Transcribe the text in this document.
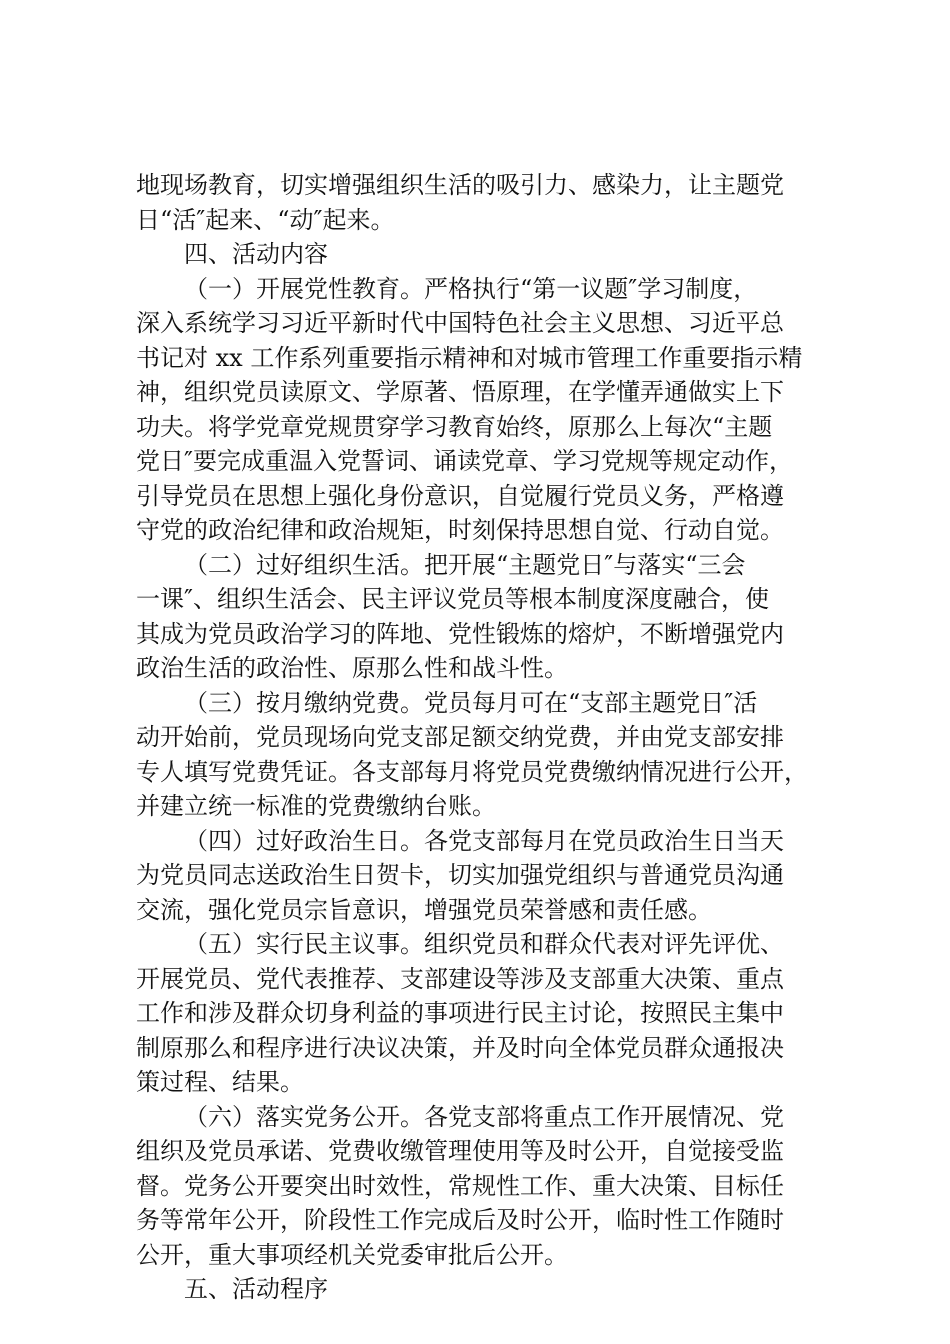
地现场教育，切实增强组织生活的吸引力、感染力，让主题党
日“活″起来、“动″起来。
四、活动内容
（一）开展党性教育。严格执行“第一议题″学习制度，
深入系统学习习近平新时代中国特色社会主义思想、习近平总
书记对 xx 工作系列重要指示精神和对城市管理工作重要指示精
神，组织党员读原文、学原著、悟原理，在学懂弄通做实上下
功夫。将学党章党规贯穿学习教育始终，原那么上每次“主题
党日″要完成重温入党誓词、诵读党章、学习党规等规定动作，
引导党员在思想上强化身份意识，自觉履行党员义务，严格遵
守党的政治纪律和政治规矩，时刻保持思想自觉、行动自觉。
（二）过好组织生活。把开展“主题党日″与落实“三会
一课″、组织生活会、民主评议党员等根本制度深度融合，使
其成为党员政治学习的阵地、党性锻炼的熔炉，不断增强党内
政治生活的政治性、原那么性和战斗性。
（三）按月缴纳党费。党员每月可在“支部主题党日″活
动开始前，党员现场向党支部足额交纳党费，并由党支部安排
专人填写党费凭证。各支部每月将党员党费缴纳情况进行公开，
并建立统一标准的党费缴纳台账。
（四）过好政治生日。各党支部每月在党员政治生日当天
为党员同志送政治生日贺卡，切实加强党组织与普通党员沟通
交流，强化党员宗旨意识，增强党员荣誉感和责任感。
（五）实行民主议事。组织党员和群众代表对评先评优、
开展党员、党代表推荐、支部建设等涉及支部重大决策、重点
工作和涉及群众切身利益的事项进行民主讨论，按照民主集中
制原那么和程序进行决议决策，并及时向全体党员群众通报决
策过程、结果。
（六）落实党务公开。各党支部将重点工作开展情况、党
组织及党员承诺、党费收缴管理使用等及时公开，自觉接受监
督。党务公开要突出时效性，常规性工作、重大决策、目标任
务等常年公开，阶段性工作完成后及时公开，临时性工作随时
公开，重大事项经机关党委审批后公开。
五、活动程序
